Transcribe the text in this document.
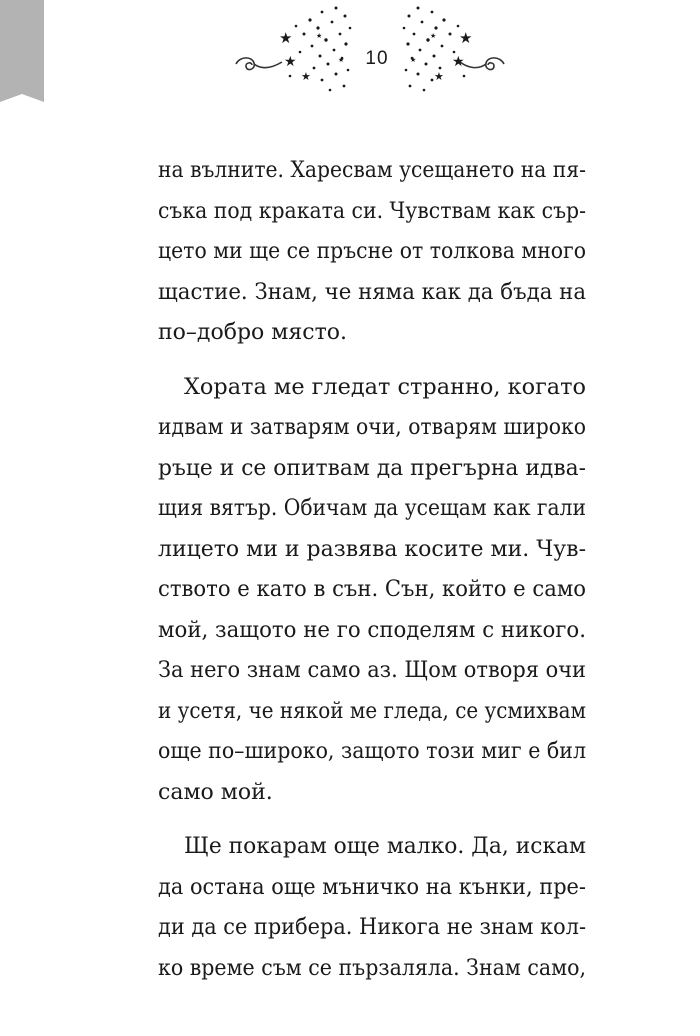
★
★	★
★
★	★
★
★
★
★
10
на вълните. Харесвам усещането на пя-
съка под краката си. Чувствам как сър-
цето ми ще се пръсне от толкова много
щастие. Знам, че няма как да бъда на
по–добро място.
Хората ме гледат странно, когато
идвам и затварям очи, отварям широко
ръце и се опитвам да прегърна идва-
щия вятър. Обичам да усещам как гали
лицето ми и развява косите ми. Чув-
ството е като в сън. Сън, който е само
мой, защото не го споделям с никого.
За него знам само аз. Щом отворя очи
и усетя, че някой ме гледа, се усмихвам
още по–широко, защото този миг е бил
само мой.
Ще покарам още малко. Да, искам
да остана още мъничко на кънки, пре-
ди да се прибера. Никога не знам кол-
ко време съм се пързаляла. Знам само,
